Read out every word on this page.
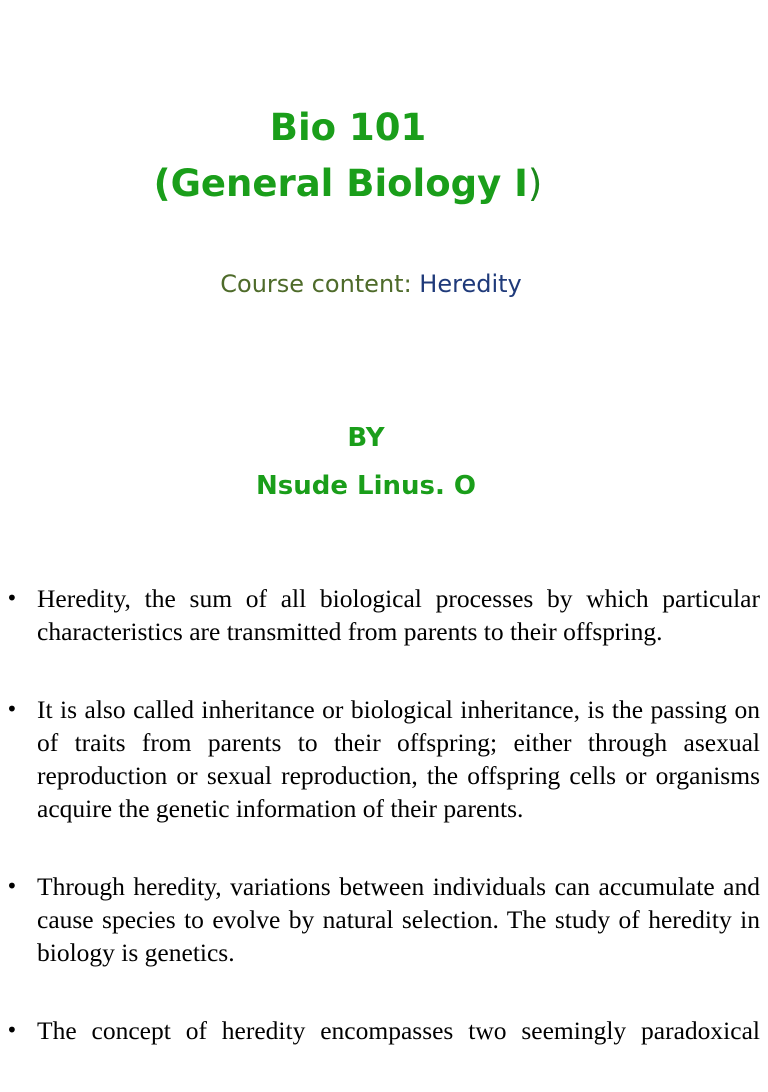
Bio 101
(General Biology I)
Course content: Heredity
BY
Nsude Linus. O
• Heredity, the sum of all biological processes by which particular characteristics are transmitted from parents to their offspring.
• It is also called inheritance or biological inheritance, is the passing on of traits from parents to their offspring; either through asexual reproduction or sexual reproduction, the offspring cells or organisms acquire the genetic information of their parents.
• Through heredity, variations between individuals can accumulate and cause species to evolve by natural selection. The study of heredity in biology is genetics.
• The concept of heredity encompasses two seemingly paradoxical
